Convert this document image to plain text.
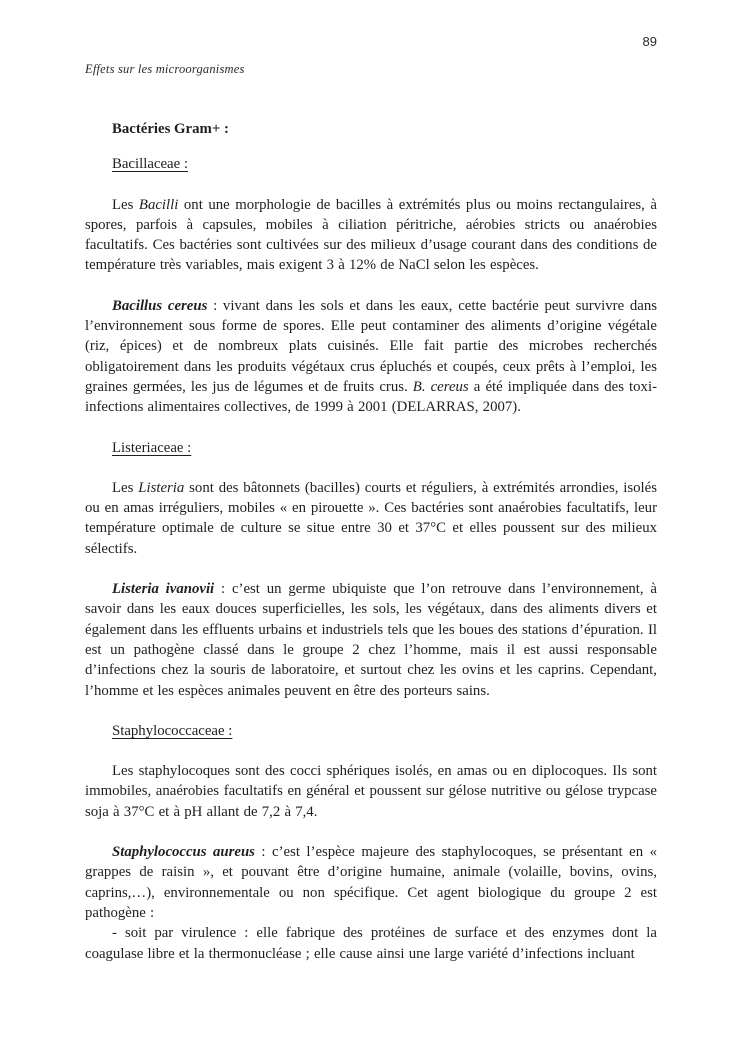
89
Effets sur les microorganismes
Bactéries Gram+ :
Bacillaceae :
Les Bacilli ont une morphologie de bacilles à extrémités plus ou moins rectangulaires, à spores, parfois à capsules, mobiles à ciliation péritriche, aérobies stricts ou anaérobies facultatifs. Ces bactéries sont cultivées sur des milieux d’usage courant dans des conditions de température très variables, mais exigent 3 à 12% de NaCl selon les espèces.
Bacillus cereus : vivant dans les sols et dans les eaux, cette bactérie peut survivre dans l’environnement sous forme de spores. Elle peut contaminer des aliments d’origine végétale (riz, épices) et de nombreux plats cuisinés. Elle fait partie des microbes recherchés obligatoirement dans les produits végétaux crus épluchés et coupés, ceux prêts à l’emploi, les graines germées, les jus de légumes et de fruits crus. B. cereus a été impliquée dans des toxi-infections alimentaires collectives, de 1999 à 2001 (DELARRAS, 2007).
Listeriaceae :
Les Listeria sont des bâtonnets (bacilles) courts et réguliers, à extrémités arrondies, isolés ou en amas irréguliers, mobiles « en pirouette ». Ces bactéries sont anaérobies facultatifs, leur température optimale de culture se situe entre 30 et 37°C et elles poussent sur des milieux sélectifs.
Listeria ivanovii : c’est un germe ubiquiste que l’on retrouve dans l’environnement, à savoir dans les eaux douces superficielles, les sols, les végétaux, dans des aliments divers et également dans les effluents urbains et industriels tels que les boues des stations d’épuration. Il est un pathogène classé dans le groupe 2 chez l’homme, mais il est aussi responsable d’infections chez la souris de laboratoire, et surtout chez les ovins et les caprins. Cependant, l’homme et les espèces animales peuvent en être des porteurs sains.
Staphylococcaceae :
Les staphylocoques sont des cocci sphériques isolés, en amas ou en diplocoques. Ils sont immobiles, anaérobies facultatifs en général et poussent sur gélose nutritive ou gélose trypcase soja à 37°C et à pH allant de 7,2 à 7,4.
Staphylococcus aureus : c’est l’espèce majeure des staphylocoques, se présentant en « grappes de raisin », et pouvant être d’origine humaine, animale (volaille, bovins, ovins, caprins,…), environnementale ou non spécifique. Cet agent biologique du groupe 2 est pathogène :
- soit par virulence : elle fabrique des protéines de surface et des enzymes dont la coagulase libre et la thermonucléase ; elle cause ainsi une large variété d’infections incluant
